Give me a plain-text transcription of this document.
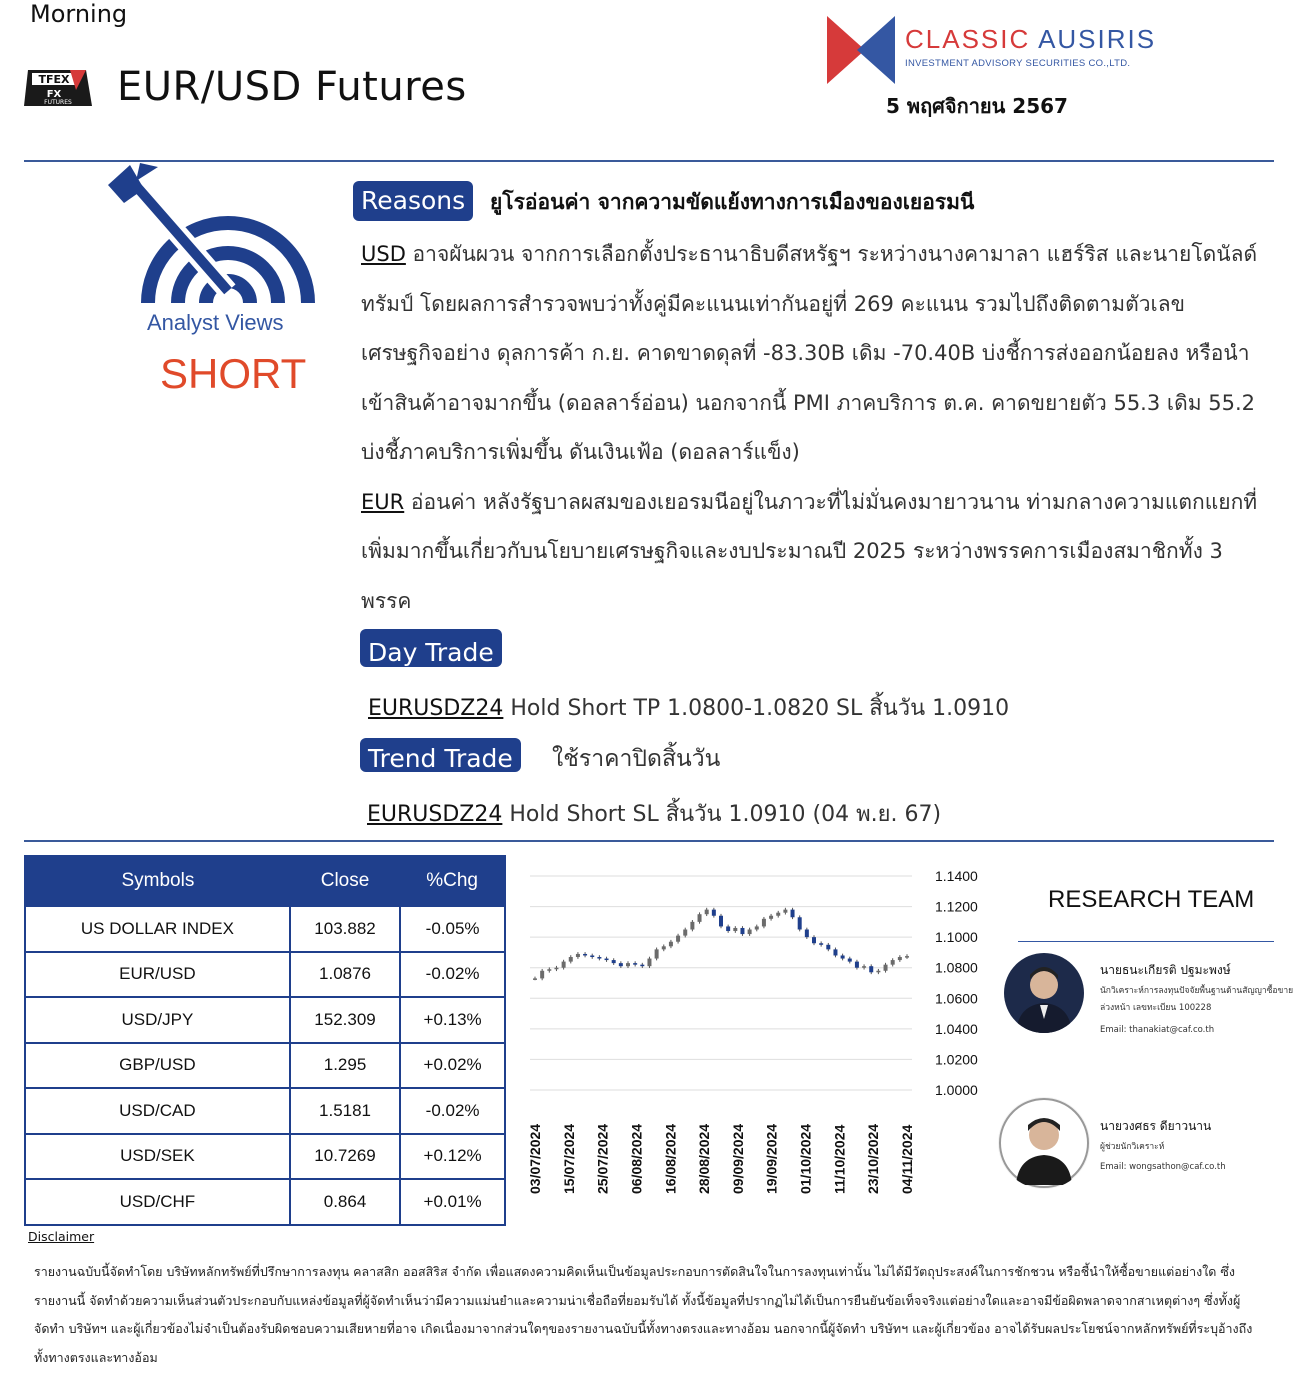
Morning
TFEX
FX
FUTURES EUR/USD Futures
CLASSIC AUSIRIS
INVESTMENT ADVISORY SECURITIES CO.,LTD.
5 พฤศจิกายน 2567
Analyst Views
SHORT
Reasons	ยูโรอ่อนค่า จากความขัดแย้งทางการเมืองของเยอรมนี

USD อาจผันผวน จากการเลือกตั้งประธานาธิบดีสหรัฐฯ ระหว่างนางคามาลา แฮร์ริส และนายโดนัลด์ ทรัมป์ โดยผลการสำรวจพบว่าทั้งคู่มีคะแนนเท่ากันอยู่ที่ 269 คะแนน รวมไปถึงติดตามตัวเลขเศรษฐกิจอย่าง ดุลการค้า ก.ย. คาดขาดดุลที่ -83.30B เดิม -70.40B บ่งชี้การส่งออกน้อยลง หรือนำเข้าสินค้าอาจมากขึ้น (ดอลลาร์อ่อน) นอกจากนี้ PMI ภาคบริการ ต.ค. คาดขยายตัว 55.3 เดิม 55.2 บ่งชี้ภาคบริการเพิ่มขึ้น ดันเงินเฟ้อ (ดอลลาร์แข็ง)

EUR อ่อนค่า หลังรัฐบาลผสมของเยอรมนีอยู่ในภาวะที่ไม่มั่นคงมายาวนาน ท่ามกลางความแตกแยกที่เพิ่มมากขึ้นเกี่ยวกับนโยบายเศรษฐกิจและงบประมาณปี 2025 ระหว่างพรรคการเมืองสมาชิกทั้ง 3 พรรค

Day Trade
EURUSDZ24 Hold Short TP 1.0800-1.0820 SL สิ้นวัน 1.0910
Trend Trade	ใช้ราคาปิดสิ้นวัน
EURUSDZ24 Hold Short SL สิ้นวัน 1.0910 (04 พ.ย. 67)
Symbols	Close	%Chg
US DOLLAR INDEX	103.882	-0.05%
EUR/USD	1.0876	-0.02%
USD/JPY	152.309	+0.13%
GBP/USD	1.295	+0.02%
USD/CAD	1.5181	-0.02%
USD/SEK	10.7269	+0.12%
USD/CHF	0.864	+0.01%
1.1400
1.1200
1.1000
1.0800
1.0600
1.0400
1.0200
1.0000
03/07/2024 15/07/2024 25/07/2024 06/08/2024 16/08/2024 28/08/2024 09/09/2024 19/09/2024 01/10/2024 11/10/2024 23/10/2024 04/11/2024
RESEARCH TEAM
นายธนะเกียรติ ปฐมะพงษ์
นักวิเคราะห์การลงทุนปัจจัยพื้นฐานด้านสัญญาซื้อขายล่วงหน้า เลขทะเบียน 100228
Email: thanakiat@caf.co.th
นายวงศธร ดียาวนาน
ผู้ช่วยนักวิเคราะห์
Email: wongsathon@caf.co.th
Disclaimer
รายงานฉบับนี้จัดทำโดย บริษัทหลักทรัพย์ที่ปรึกษาการลงทุน คลาสสิก ออสสิริส จำกัด เพื่อแสดงความคิดเห็นเป็นข้อมูลประกอบการตัดสินใจในการลงทุนเท่านั้น ไม่ได้มีวัตถุประสงค์ในการชักชวน หรือชี้นำให้ซื้อขายแต่อย่างใด ซึ่งรายงานนี้ จัดทำด้วยความเห็นส่วนตัวประกอบกับแหล่งข้อมูลที่ผู้จัดทำเห็นว่ามีความแม่นยำและความน่าเชื่อถือที่ยอมรับได้ ทั้งนี้ข้อมูลที่ปรากฏไม่ได้เป็นการยืนยันข้อเท็จจริงแต่อย่างใดและอาจมีข้อผิดพลาดจากสาเหตุต่างๆ ซึ่งทั้งผู้จัดทำ บริษัทฯ และผู้เกี่ยวข้องไม่จำเป็นต้องรับผิดชอบความเสียหายที่อาจ เกิดเนื่องมาจากส่วนใดๆของรายงานฉบับนี้ทั้งทางตรงและทางอ้อม นอกจากนี้ผู้จัดทำ บริษัทฯ และผู้เกี่ยวข้อง อาจได้รับผลประโยชน์จากหลักทรัพย์ที่ระบุอ้างถึงทั้งทางตรงและทางอ้อม
